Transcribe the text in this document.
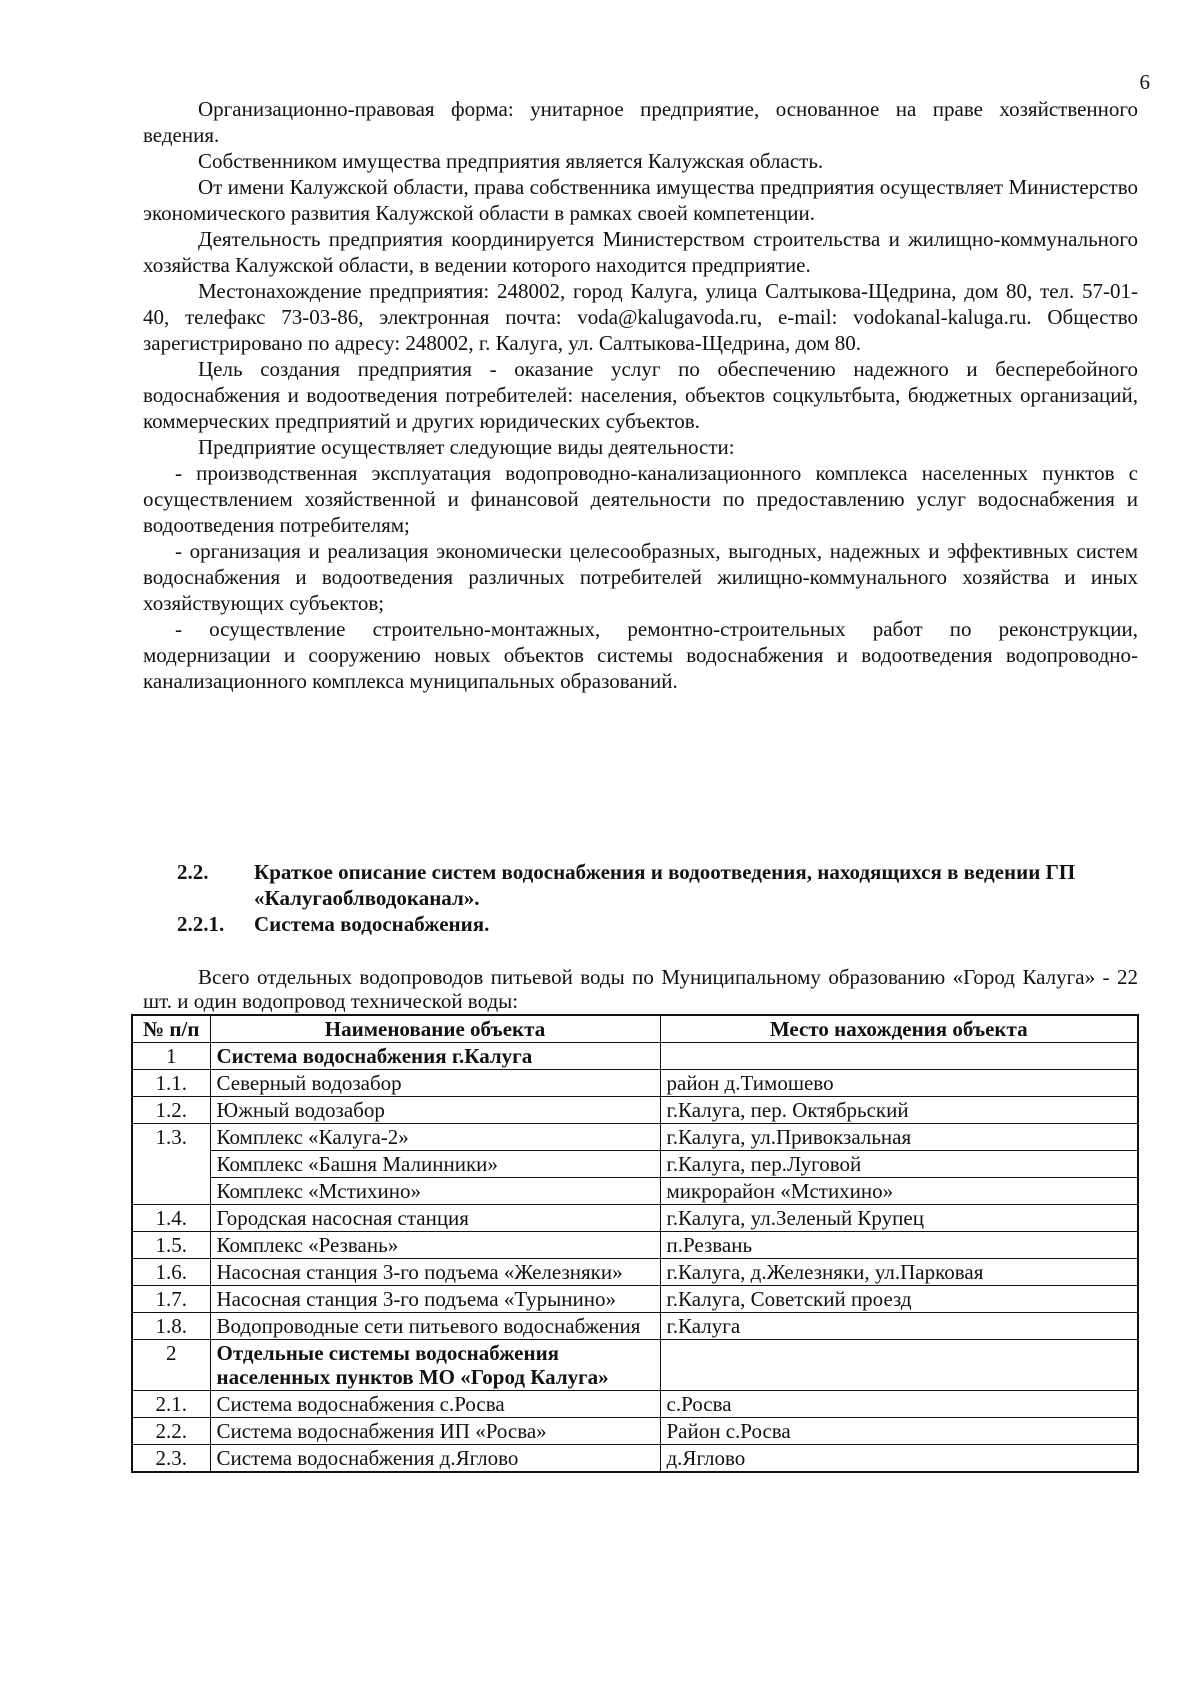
6

Организационно-правовая форма: унитарное предприятие, основанное на праве хозяйственного ведения.

Собственником имущества предприятия является Калужская область.

От имени Калужской области, права собственника имущества предприятия осуществляет Министерство экономического развития Калужской области в рамках своей компетенции.

Деятельность предприятия координируется Министерством строительства и жилищно-коммунального хозяйства Калужской области, в ведении которого находится предприятие.

Местонахождение предприятия: 248002, город Калуга, улица Салтыкова-Щедрина, дом 80, тел. 57-01-40, телефакс 73-03-86, электронная почта: voda@kalugavoda.ru, e-mail: vodokanal-kaluga.ru. Общество зарегистрировано по адресу: 248002, г. Калуга, ул. Салтыкова-Щедрина, дом 80.

Цель создания предприятия - оказание услуг по обеспечению надежного и бесперебойного водоснабжения и водоотведения потребителей: населения, объектов соцкультбыта, бюджетных организаций, коммерческих предприятий и других юридических субъектов.

Предприятие осуществляет следующие виды деятельности:

- производственная эксплуатация водопроводно-канализационного комплекса населенных пунктов с осуществлением хозяйственной и финансовой деятельности по предоставлению услуг водоснабжения и водоотведения потребителям;

- организация и реализация экономически целесообразных, выгодных, надежных и эффективных систем водоснабжения и водоотведения различных потребителей жилищно-коммунального хозяйства и иных хозяйствующих субъектов;

- осуществление строительно-монтажных, ремонтно-строительных работ по реконструкции, модернизации и сооружению новых объектов системы водоснабжения и водоотведения водопроводно-канализационного комплекса муниципальных образований.

2.2.	Краткое описание систем водоснабжения и водоотведения, находящихся в ведении ГП «Калугаоблводоканал».
2.2.1.	Система водоснабжения.

Всего отдельных водопроводов питьевой воды по Муниципальному образованию «Город Калуга» - 22 шт. и один водопровод технической воды:

№ п/п	Наименование объекта	Место нахождения объекта
1	Система водоснабжения г.Калуга	
1.1.	Северный водозабор	район д.Тимошево
1.2.	Южный водозабор	г.Калуга, пер. Октябрьский
1.3.	Комплекс «Калуга-2»	г.Калуга, ул.Привокзальная
	Комплекс «Башня Малинники»	г.Калуга, пер.Луговой
	Комплекс «Мстихино»	микрорайон «Мстихино»
1.4.	Городская насосная станция	г.Калуга, ул.Зеленый Крупец
1.5.	Комплекс «Резвань»	п.Резвань
1.6.	Насосная станция 3-го подъема «Железняки»	г.Калуга, д.Железняки, ул.Парковая
1.7.	Насосная станция 3-го подъема «Турынино»	г.Калуга, Советский проезд
1.8.	Водопроводные сети питьевого водоснабжения	г.Калуга
2	Отдельные системы водоснабжения населенных пунктов МО «Город Калуга»	
2.1.	Система водоснабжения с.Росва	с.Росва
2.2.	Система водоснабжения ИП «Росва»	Район с.Росва
2.3.	Система водоснабжения д.Яглово	д.Яглово
